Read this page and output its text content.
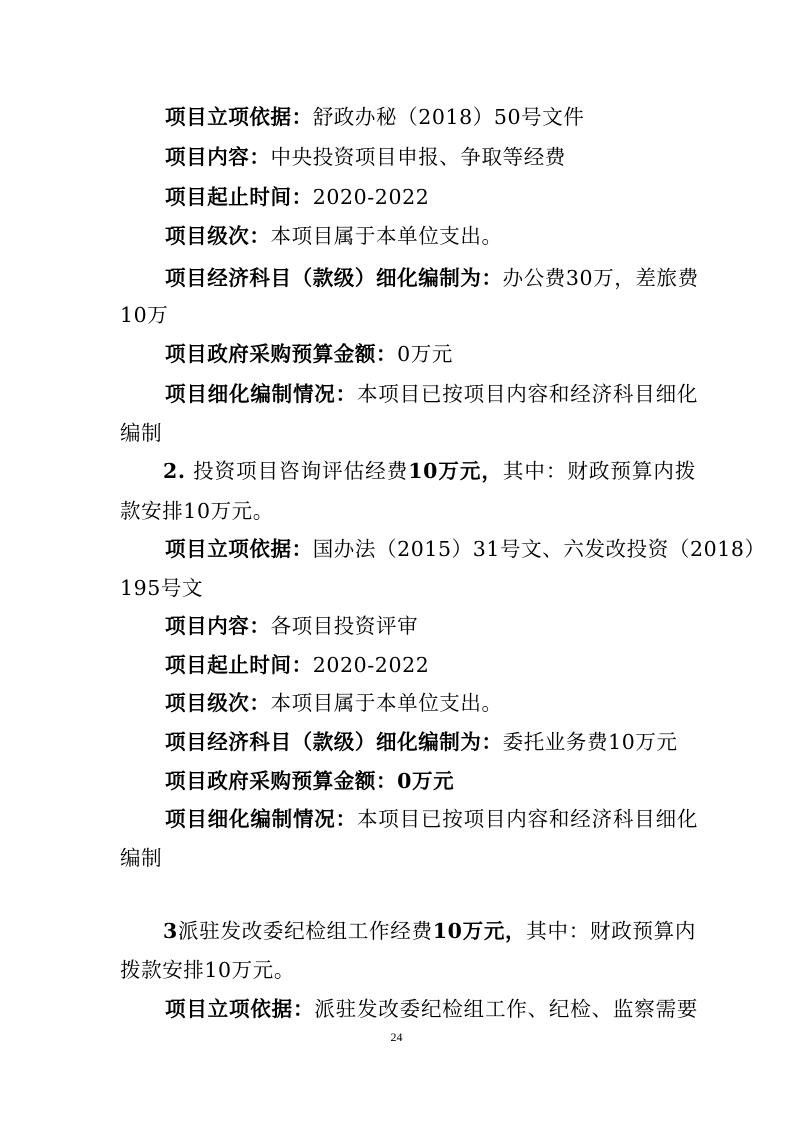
项目立项依据：舒政办秘（2018）50号文件
项目内容：中央投资项目申报、争取等经费
项目起止时间：2020-2022
项目级次：本项目属于本单位支出。
项目经济科目（款级）细化编制为：办公费30万，差旅费
10万
项目政府采购预算金额：0万元
项目细化编制情况：本项目已按项目内容和经济科目细化
编制
2. 投资项目咨询评估经费10万元，其中：财政预算内拨
款安排10万元。
项目立项依据：国办法（2015）31号文、六发改投资（2018）
195号文
项目内容：各项目投资评审
项目起止时间：2020-2022
项目级次：本项目属于本单位支出。
项目经济科目（款级）细化编制为：委托业务费10万元
项目政府采购预算金额：0万元
项目细化编制情况：本项目已按项目内容和经济科目细化
编制
3派驻发改委纪检组工作经费10万元，其中：财政预算内
拨款安排10万元。
项目立项依据：派驻发改委纪检组工作、纪检、监察需要
24
